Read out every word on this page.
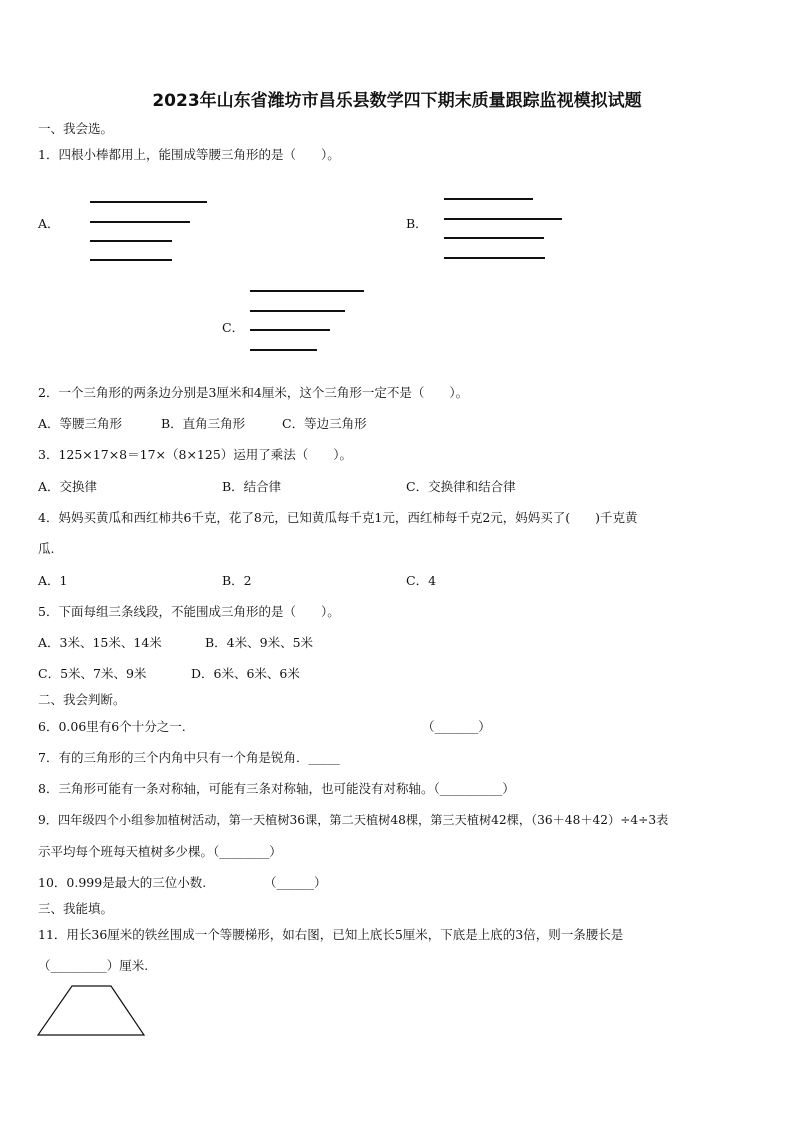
2023年山东省潍坊市昌乐县数学四下期末质量跟踪监视模拟试题
一、我会选。
1．四根小棒都用上，能围成等腰三角形的是（　　）。
A．	B．
C．
2．一个三角形的两条边分别是3厘米和4厘米，这个三角形一定不是（　　）。
A．等腰三角形	B．直角三角形	C．等边三角形
3．125×17×8＝17×（8×125）运用了乘法（　　）。
A．交换律	B．结合律	C．交换律和结合律
4．妈妈买黄瓜和西红柿共6千克，花了8元，已知黄瓜每千克1元，西红柿每千克2元，妈妈买了(　　)千克黄
瓜.
A．1	B．2	C．4
5．下面每组三条线段，不能围成三角形的是（　　）。
A．3米、15米、14米	B．4米、9米、5米
C．5米、7米、9米	D．6米、6米、6米
二、我会判断。
6．0.06里有6个十分之一.	（_______）
7．有的三角形的三个内角中只有一个角是锐角．_____
8．三角形可能有一条对称轴，可能有三条对称轴，也可能没有对称轴。（__________）
9．四年级四个小组参加植树活动，第一天植树36课，第二天植树48棵，第三天植树42棵，（36＋48＋42）÷4÷3表
示平均每个班每天植树多少棵。（________）
10．0.999是最大的三位小数.	（______）
三、我能填。
11．用长36厘米的铁丝围成一个等腰梯形，如右图，已知上底长5厘米，下底是上底的3倍，则一条腰长是
（_________）厘米.
